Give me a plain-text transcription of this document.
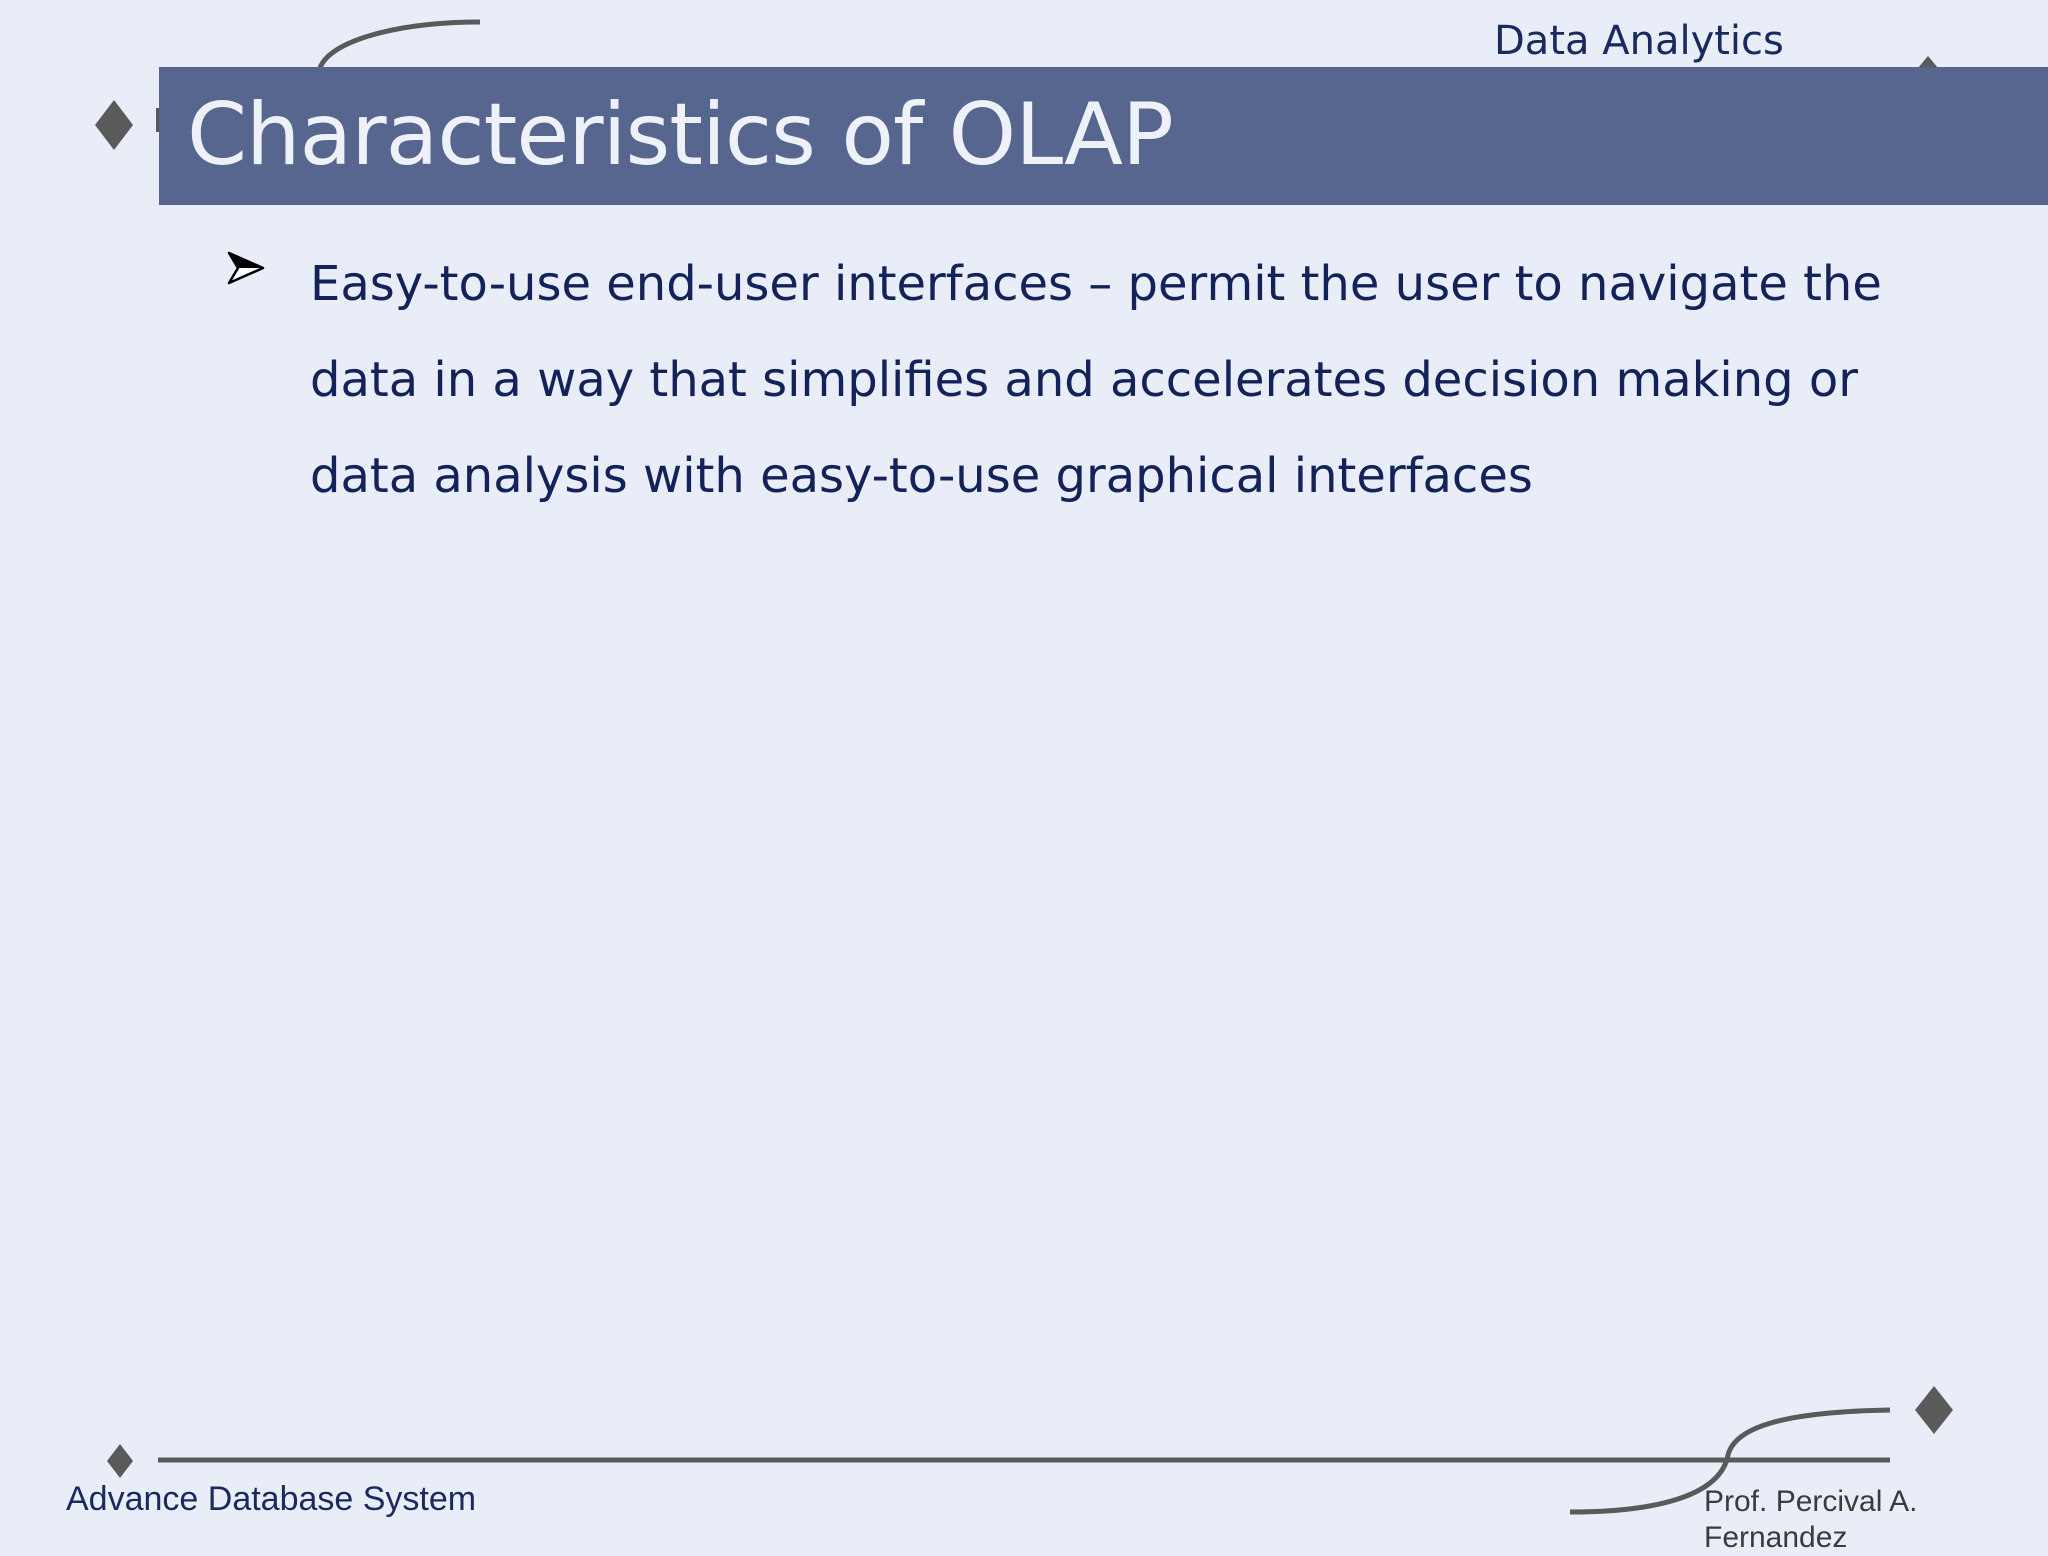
Data Analytics
Characteristics of OLAP
Easy-to-use end-user interfaces – permit the user to navigate the data in a way that simplifies and accelerates decision making or data analysis with easy-to-use graphical interfaces
Advance Database System	Prof. Percival A. Fernandez
